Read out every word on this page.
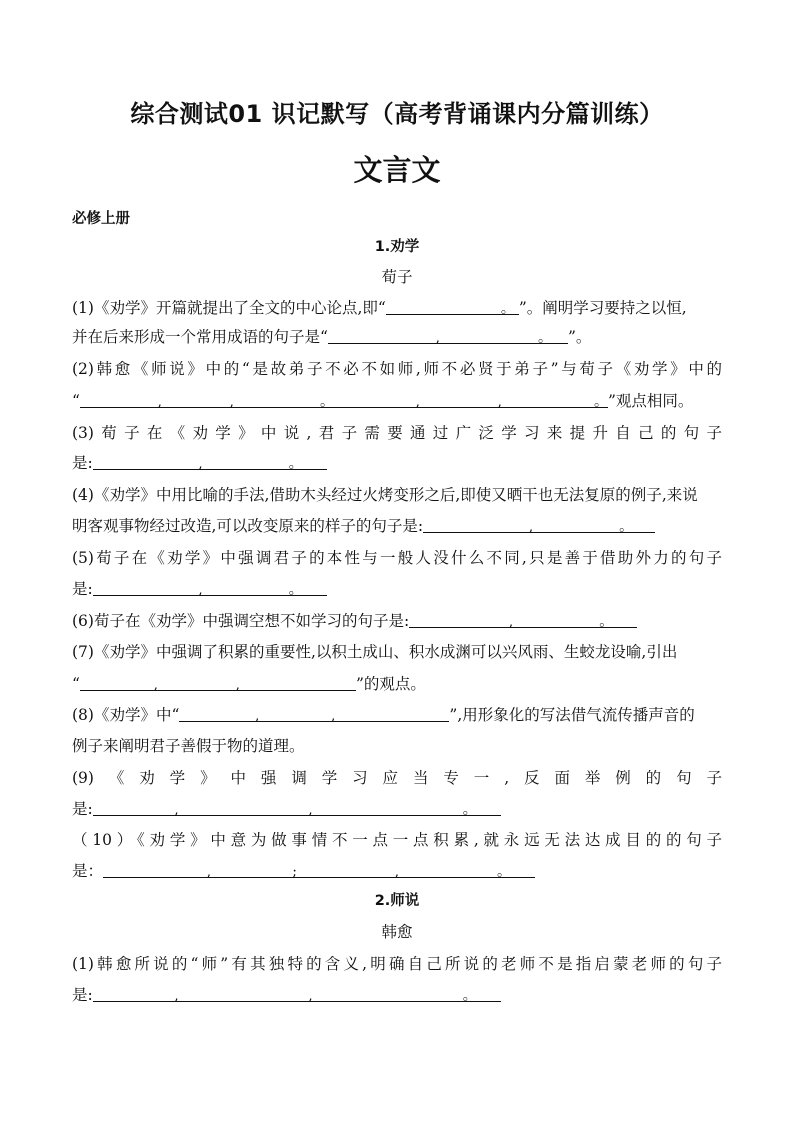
综合测试01 识记默写（高考背诵课内分篇训练）
文言文
必修上册
1.劝学
荀子
(1)《劝学》开篇就提出了全文的中心论点,即“	。 ”。阐明学习要持之以恒,
并在后来形成一个常用成语的句子是“	,	。 ”。
(2)韩愈《师说》中的“是故弟子不必不如师,师不必贤于弟子”与荀子《劝学》中的
“	,	,	。	,	,	。 ”观点相同。
(3)荀子在《劝学》中说,君子需要通过广泛学习来提升自己的句子
是:	,	。
(4)《劝学》中用比喻的手法,借助木头经过火烤变形之后,即使又晒干也无法复原的例子,来说
明客观事物经过改造,可以改变原来的样子的句子是:	,	。
(5)荀子在《劝学》中强调君子的本性与一般人没什么不同,只是善于借助外力的句子
是:	,	。
(6)荀子在《劝学》中强调空想不如学习的句子是:	,	。
(7)《劝学》中强调了积累的重要性,以积土成山、积水成渊可以兴风雨、生蛟龙设喻,引出
“	,	,	”的观点。
(8)《劝学》中“	,	,	”,用形象化的写法借气流传播声音的
例子来阐明君子善假于物的道理。
(9)《劝学》中强调学习应当专一,反面举例的句子
是:	,	,	。
（10）《劝学》中意为做事情不一点一点积累,就永远无法达成目的的句子
是：	,	;	,	。
2.师说
韩愈
(1)韩愈所说的“师”有其独特的含义,明确自己所说的老师不是指启蒙老师的句子
是:	,	,	。
